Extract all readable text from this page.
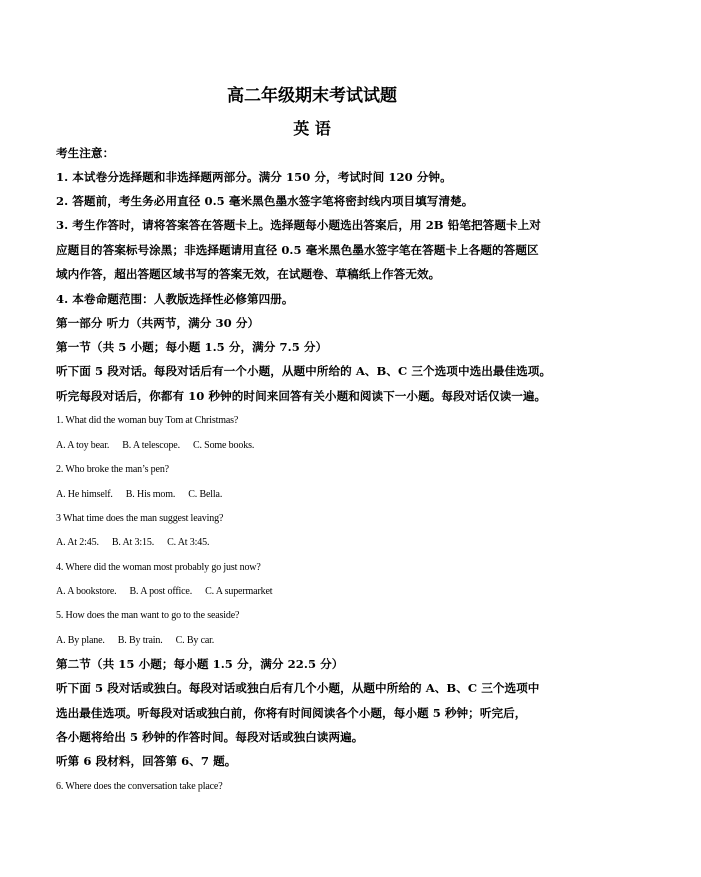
高二年级期末考试试题
英 语
考生注意：
1. 本试卷分选择题和非选择题两部分。满分 150 分，考试时间 120 分钟。
2. 答题前，考生务必用直径 0.5 毫米黑色墨水签字笔将密封线内项目填写清楚。
3. 考生作答时，请将答案答在答题卡上。选择题每小题选出答案后，用 2B 铅笔把答题卡上对
应题目的答案标号涂黑；非选择题请用直径 0.5 毫米黑色墨水签字笔在答题卡上各题的答题区
域内作答，超出答题区域书写的答案无效，在试题卷、草稿纸上作答无效。
4. 本卷命题范围：人教版选择性必修第四册。
第一部分 听力（共两节，满分 30 分）
第一节（共 5 小题；每小题 1.5 分，满分 7.5 分）
听下面 5 段对话。每段对话后有一个小题，从题中所给的 A、B、C 三个选项中选出最佳选项。
听完每段对话后，你都有 10 秒钟的时间来回答有关小题和阅读下一小题。每段对话仅读一遍。
1. What did the woman buy Tom at Christmas?
A. A toy bear. B. A telescope. C. Some books.
2. Who broke the man’s pen?
A. He himself. B. His mom. C. Bella.
3 What time does the man suggest leaving?
A. At 2:45. B. At 3:15. C. At 3:45.
4. Where did the woman most probably go just now?
A. A bookstore. B. A post office. C. A supermarket
5. How does the man want to go to the seaside?
A. By plane. B. By train. C. By car.
第二节（共 15 小题；每小题 1.5 分，满分 22.5 分）
听下面 5 段对话或独白。每段对话或独白后有几个小题，从题中所给的 A、B、C 三个选项中
选出最佳选项。听每段对话或独白前，你将有时间阅读各个小题，每小题 5 秒钟；听完后，
各小题将给出 5 秒钟的作答时间。每段对话或独白读两遍。
听第 6 段材料，回答第 6、7 题。
6. Where does the conversation take place?
